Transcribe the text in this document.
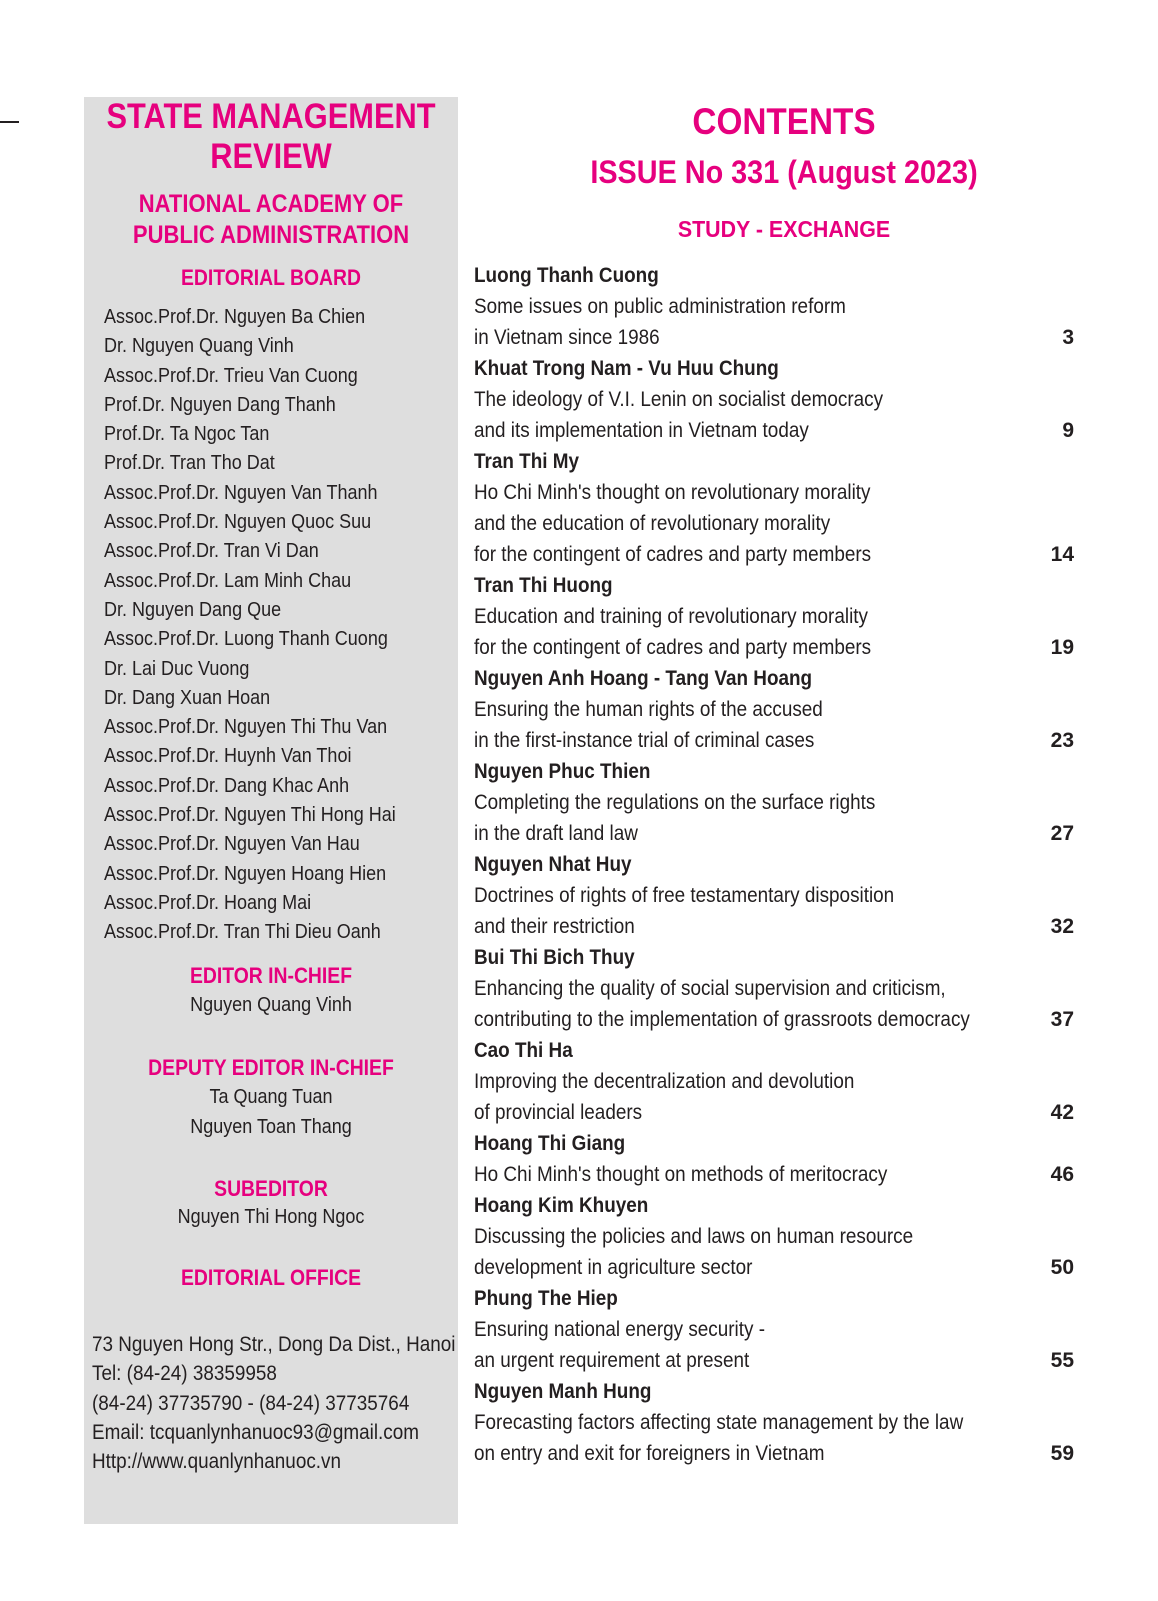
STATE MANAGEMENT
REVIEW
NATIONAL ACADEMY OF
PUBLIC ADMINISTRATION
EDITORIAL BOARD
Assoc.Prof.Dr. Nguyen Ba Chien
Dr. Nguyen Quang Vinh
Assoc.Prof.Dr. Trieu Van Cuong
Prof.Dr. Nguyen Dang Thanh
Prof.Dr. Ta Ngoc Tan
Prof.Dr. Tran Tho Dat
Assoc.Prof.Dr. Nguyen Van Thanh
Assoc.Prof.Dr. Nguyen Quoc Suu
Assoc.Prof.Dr. Tran Vi Dan
Assoc.Prof.Dr. Lam Minh Chau
Dr. Nguyen Dang Que
Assoc.Prof.Dr. Luong Thanh Cuong
Dr. Lai Duc Vuong
Dr. Dang Xuan Hoan
Assoc.Prof.Dr. Nguyen Thi Thu Van
Assoc.Prof.Dr. Huynh Van Thoi
Assoc.Prof.Dr. Dang Khac Anh
Assoc.Prof.Dr. Nguyen Thi Hong Hai
Assoc.Prof.Dr. Nguyen Van Hau
Assoc.Prof.Dr. Nguyen Hoang Hien
Assoc.Prof.Dr. Hoang Mai
Assoc.Prof.Dr. Tran Thi Dieu Oanh
EDITOR IN-CHIEF
Nguyen Quang Vinh
DEPUTY EDITOR IN-CHIEF
Ta Quang Tuan
Nguyen Toan Thang
SUBEDITOR
Nguyen Thi Hong Ngoc
EDITORIAL OFFICE
73 Nguyen Hong Str., Dong Da Dist., Hanoi
Tel: (84-24) 38359958
(84-24) 37735790 - (84-24) 37735764
Email: tcquanlynhanuoc93@gmail.com
Http://www.quanlynhanuoc.vn
CONTENTS
ISSUE No 331 (August 2023)
STUDY - EXCHANGE
Luong Thanh Cuong
Some issues on public administration reform
in Vietnam since 1986	3
Khuat Trong Nam - Vu Huu Chung
The ideology of V.I. Lenin on socialist democracy
and its implementation in Vietnam today	9
Tran Thi My
Ho Chi Minh's thought on revolutionary morality
and the education of revolutionary morality
for the contingent of cadres and party members	14
Tran Thi Huong
Education and training of revolutionary morality
for the contingent of cadres and party members	19
Nguyen Anh Hoang - Tang Van Hoang
Ensuring the human rights of the accused
in the first-instance trial of criminal cases	23
Nguyen Phuc Thien
Completing the regulations on the surface rights
in the draft land law	27
Nguyen Nhat Huy
Doctrines of rights of free testamentary disposition
and their restriction	32
Bui Thi Bich Thuy
Enhancing the quality of social supervision and criticism,
contributing to the implementation of grassroots democracy	37
Cao Thi Ha
Improving the decentralization and devolution
of provincial leaders	42
Hoang Thi Giang
Ho Chi Minh's thought on methods of meritocracy	46
Hoang Kim Khuyen
Discussing the policies and laws on human resource
development in agriculture sector	50
Phung The Hiep
Ensuring national energy security -
an urgent requirement at present	55
Nguyen Manh Hung
Forecasting factors affecting state management by the law
on entry and exit for foreigners in Vietnam	59
